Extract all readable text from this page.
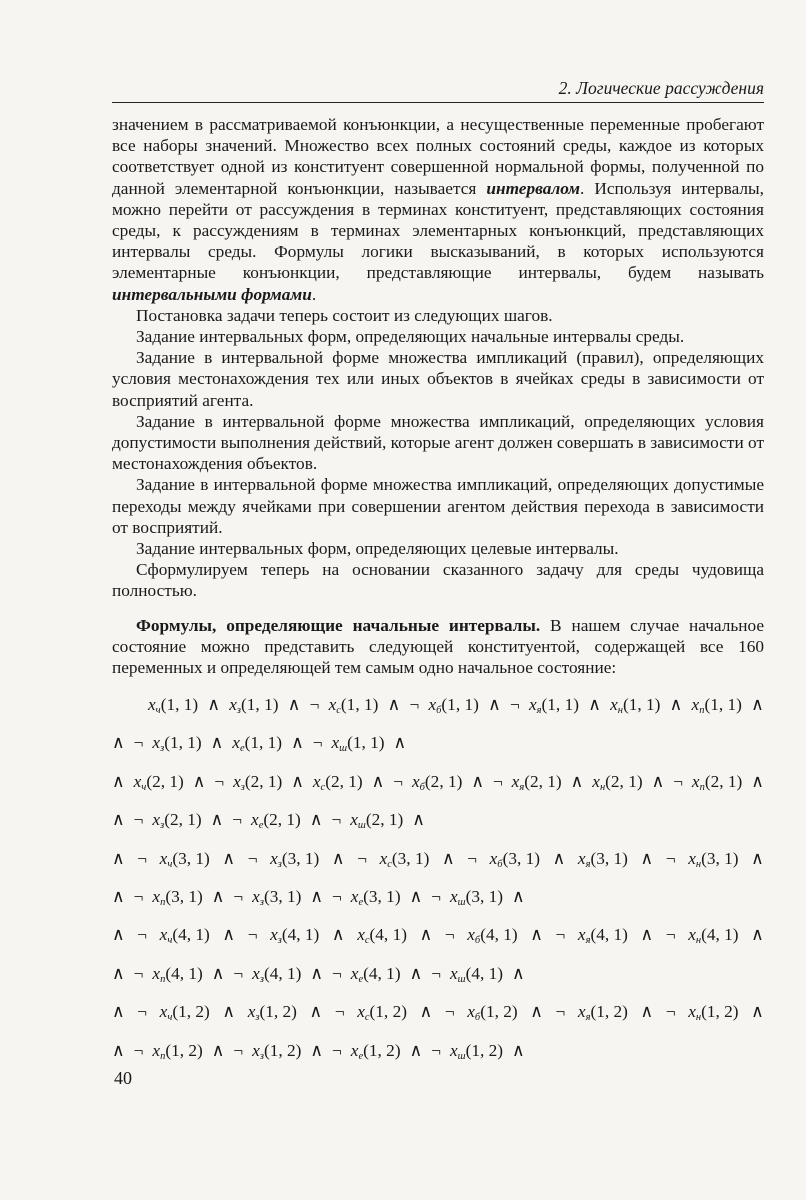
2. Логические рассуждения

значением в рассматриваемой конъюнкции, а несущественные переменные пробегают все наборы значений. Множество всех полных состояний среды, каждое из которых соответствует одной из конституент совершенной нормальной формы, полученной по данной элементарной конъюнкции, называется интервалом. Используя интервалы, можно перейти от рассуждения в терминах конституент, представляющих состояния среды, к рассуждениям в терминах элементарных конъюнкций, представляющих интервалы среды. Формулы логики высказываний, в которых используются элементарные конъюнкции, представляющие интервалы, будем называть интервальными формами.

Постановка задачи теперь состоит из следующих шагов.

Задание интервальных форм, определяющих начальные интервалы среды.

Задание в интервальной форме множества импликаций (правил), определяющих условия местонахождения тех или иных объектов в ячейках среды в зависимости от восприятий агента.

Задание в интервальной форме множества импликаций, определяющих условия допустимости выполнения действий, которые агент должен совершать в зависимости от местонахождения объектов.

Задание в интервальной форме множества импликаций, определяющих допустимые переходы между ячейками при совершении агентом действия перехода в зависимости от восприятий.

Задание интервальных форм, определяющих целевые интервалы.

Сформулируем теперь на основании сказанного задачу для среды чудовища полностью.

Формулы, определяющие начальные интервалы. В нашем случае начальное состояние можно представить следующей конституентой, содержащей все 160 переменных и определяющей тем самым одно начальное состояние:

$x_ч(1$, 1) ∧ $x_з(1$, 1) ∧ ¬ $x_с(1$, 1) ∧ ¬ $x_б(1$, 1) ∧ ¬ $x_я(1$, 1) ∧ $x_н(1$, 1) ∧ $x_п(1$, 1) ∧
∧ ¬ $x_з(1$, 1) ∧ $x_е(1$, 1) ∧ ¬ $x_ш(1$, 1) ∧
∧ $x_ч(2$, 1) ∧ ¬ $x_з(2$, 1) ∧ $x_с(2$, 1) ∧ ¬ $x_б(2$, 1) ∧ ¬ $x_я(2$, 1) ∧ $x_н(2$, 1) ∧ ¬ $x_п(2$, 1) ∧
∧ ¬ $x_з(2$, 1) ∧ ¬ $x_е(2$, 1) ∧ ¬ $x_ш(2$, 1) ∧
∧ ¬ $x_ч(3$, 1) ∧ ¬ $x_з(3$, 1) ∧ ¬ $x_с(3$, 1) ∧ ¬ $x_б(3$, 1) ∧ $x_я(3$, 1) ∧ ¬ $x_н(3$, 1) ∧
∧ ¬ $x_п(3$, 1) ∧ ¬ $x_з(3$, 1) ∧ ¬ $x_е(3$, 1) ∧ ¬ $x_ш(3$, 1) ∧
∧ ¬ $x_ч(4$, 1) ∧ ¬ $x_з(4$, 1) ∧ $x_с(4$, 1) ∧ ¬ $x_б(4$, 1) ∧ ¬ $x_я(4$, 1) ∧ ¬ $x_н(4$, 1) ∧
∧ ¬ $x_п(4$, 1) ∧ ¬ $x_з(4$, 1) ∧ ¬ $x_е(4$, 1) ∧ ¬ $x_ш(4$, 1) ∧
∧ ¬ $x_ч(1$, 2) ∧ $x_з(1$, 2) ∧ ¬ $x_с(1$, 2) ∧ ¬ $x_б(1$, 2) ∧ ¬ $x_я(1$, 2) ∧ ¬ $x_н(1$, 2) ∧
∧ ¬ $x_п(1$, 2) ∧ ¬ $x_з(1$, 2) ∧ ¬ $x_е(1$, 2) ∧ ¬ $x_ш(1$, 2) ∧
40
